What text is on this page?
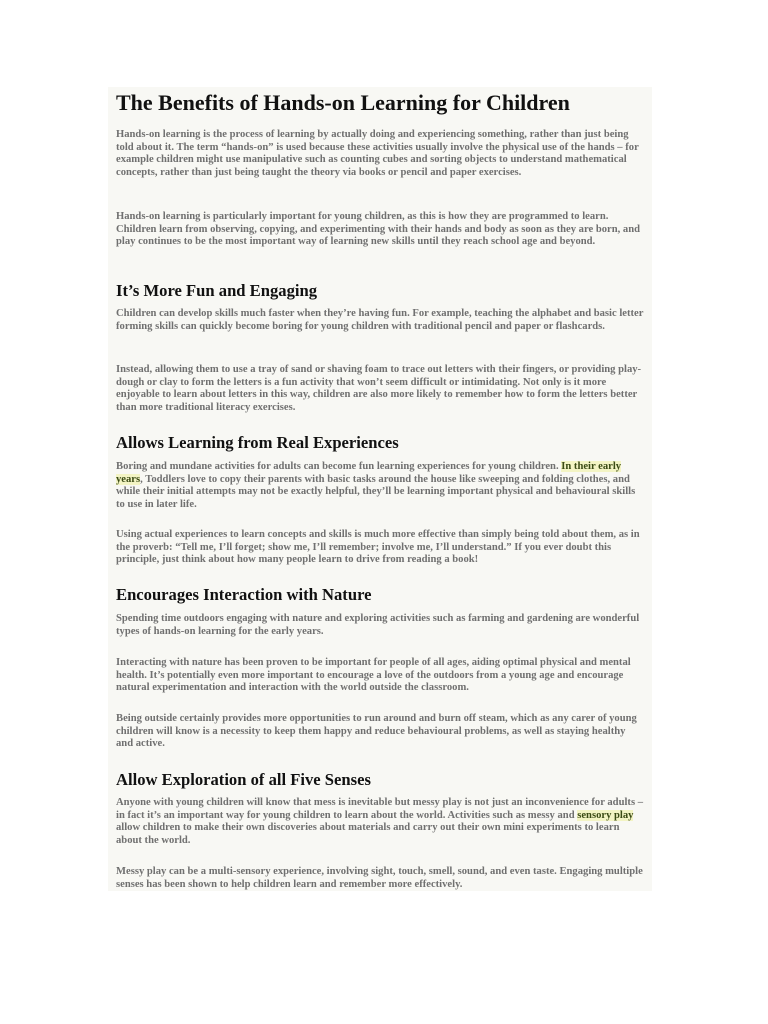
The Benefits of Hands-on Learning for Children

Hands-on learning is the process of learning by actually doing and experiencing something, rather than just being told about it. The term “hands-on” is used because these activities usually involve the physical use of the hands – for example children might use manipulative such as counting cubes and sorting objects to understand mathematical concepts, rather than just being taught the theory via books or pencil and paper exercises.

Hands-on learning is particularly important for young children, as this is how they are programmed to learn. Children learn from observing, copying, and experimenting with their hands and body as soon as they are born, and play continues to be the most important way of learning new skills until they reach school age and beyond.

It’s More Fun and Engaging

Children can develop skills much faster when they’re having fun. For example, teaching the alphabet and basic letter forming skills can quickly become boring for young children with traditional pencil and paper or flashcards.

Instead, allowing them to use a tray of sand or shaving foam to trace out letters with their fingers, or providing play-dough or clay to form the letters is a fun activity that won’t seem difficult or intimidating. Not only is it more enjoyable to learn about letters in this way, children are also more likely to remember how to form the letters better than more traditional literacy exercises.

Allows Learning from Real Experiences

Boring and mundane activities for adults can become fun learning experiences for young children. In their early years, Toddlers love to copy their parents with basic tasks around the house like sweeping and folding clothes, and while their initial attempts may not be exactly helpful, they’ll be learning important physical and behavioural skills to use in later life.

Using actual experiences to learn concepts and skills is much more effective than simply being told about them, as in the proverb: “Tell me, I’ll forget; show me, I’ll remember; involve me, I’ll understand.” If you ever doubt this principle, just think about how many people learn to drive from reading a book!

Encourages Interaction with Nature

Spending time outdoors engaging with nature and exploring activities such as farming and gardening are wonderful types of hands-on learning for the early years.

Interacting with nature has been proven to be important for people of all ages, aiding optimal physical and mental health. It’s potentially even more important to encourage a love of the outdoors from a young age and encourage natural experimentation and interaction with the world outside the classroom.

Being outside certainly provides more opportunities to run around and burn off steam, which as any carer of young children will know is a necessity to keep them happy and reduce behavioural problems, as well as staying healthy and active.

Allow Exploration of all Five Senses

Anyone with young children will know that mess is inevitable but messy play is not just an inconvenience for adults – in fact it’s an important way for young children to learn about the world. Activities such as messy and sensory play allow children to make their own discoveries about materials and carry out their own mini experiments to learn about the world.

Messy play can be a multi-sensory experience, involving sight, touch, smell, sound, and even taste. Engaging multiple senses has been shown to help children learn and remember more effectively.
